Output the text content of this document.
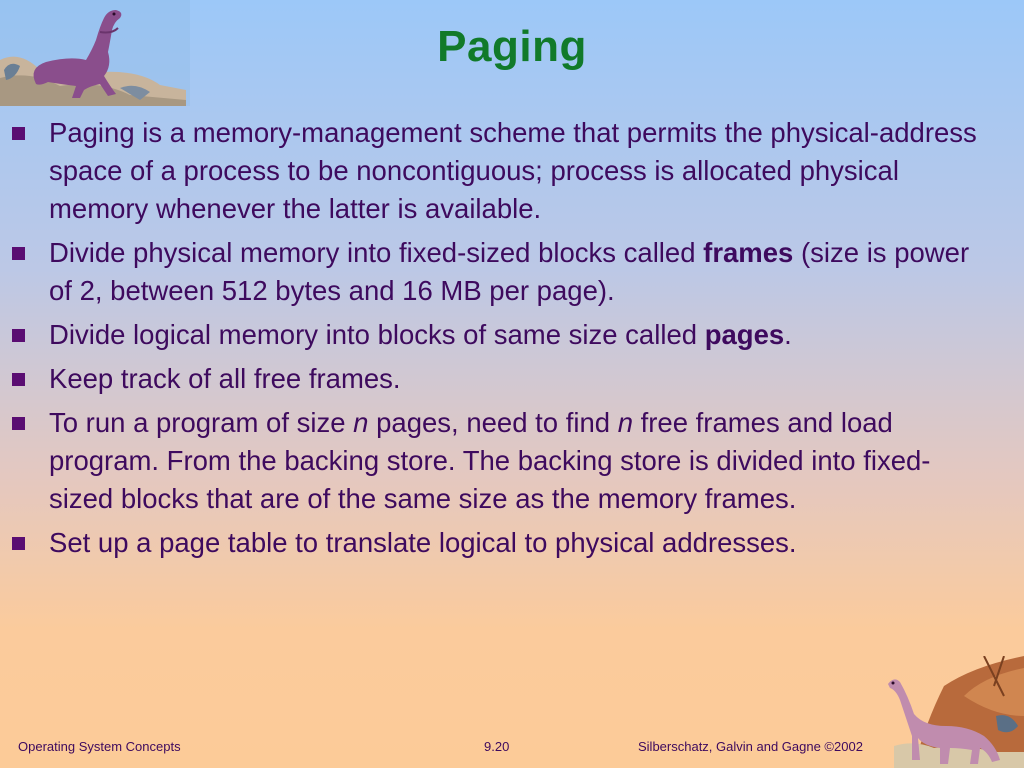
Paging
Paging is a memory-management scheme that permits the physical-address space of a process to be noncontiguous; process is allocated physical memory whenever the latter is available.
Divide physical memory into fixed-sized blocks called frames (size is power of 2, between 512 bytes and 16 MB per page).
Divide logical memory into blocks of same size called pages.
Keep track of all free frames.
To run a program of size n pages, need to find n free frames and load program. From the backing store. The backing store is divided into fixed-sized blocks that are of the same size as the memory frames.
Set up a page table to translate logical to physical addresses.
Operating System Concepts	9.20	Silberschatz, Galvin and Gagne ©2002
